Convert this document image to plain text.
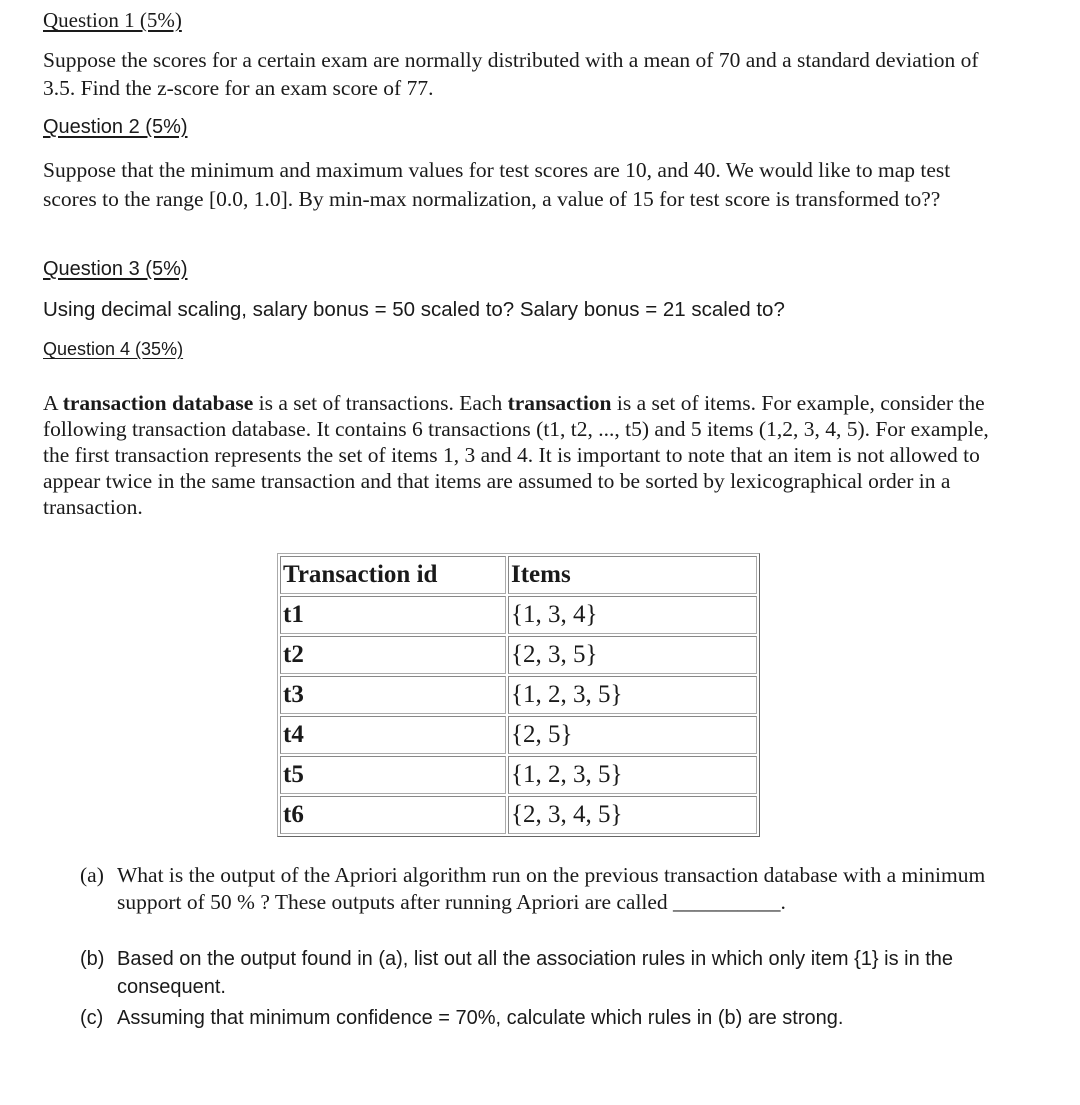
Question 1 (5%)
Suppose the scores for a certain exam are normally distributed with a mean of 70 and a standard deviation of 3.5. Find the z-score for an exam score of 77.
Question 2 (5%)
Suppose that the minimum and maximum values for test scores are 10, and 40. We would like to map test scores to the range [0.0, 1.0]. By min-max normalization, a value of 15 for test score is transformed to??
Question 3 (5%)
Using decimal scaling, salary bonus = 50 scaled to? Salary bonus = 21 scaled to?
Question 4 (35%)
A transaction database is a set of transactions. Each transaction is a set of items. For example, consider the following transaction database. It contains 6 transactions (t1, t2, ..., t5) and 5 items (1,2, 3, 4, 5). For example, the first transaction represents the set of items 1, 3 and 4. It is important to note that an item is not allowed to appear twice in the same transaction and that items are assumed to be sorted by lexicographical order in a transaction.
Transaction id	Items
t1	{1, 3, 4}
t2	{2, 3, 5}
t3	{1, 2, 3, 5}
t4	{2, 5}
t5	{1, 2, 3, 5}
t6	{2, 3, 4, 5}
(a) What is the output of the Apriori algorithm run on the previous transaction database with a minimum support of 50 % ? These outputs after running Apriori are called __________.
(b) Based on the output found in (a), list out all the association rules in which only item {1} is in the consequent.
(c) Assuming that minimum confidence = 70%, calculate which rules in (b) are strong.
